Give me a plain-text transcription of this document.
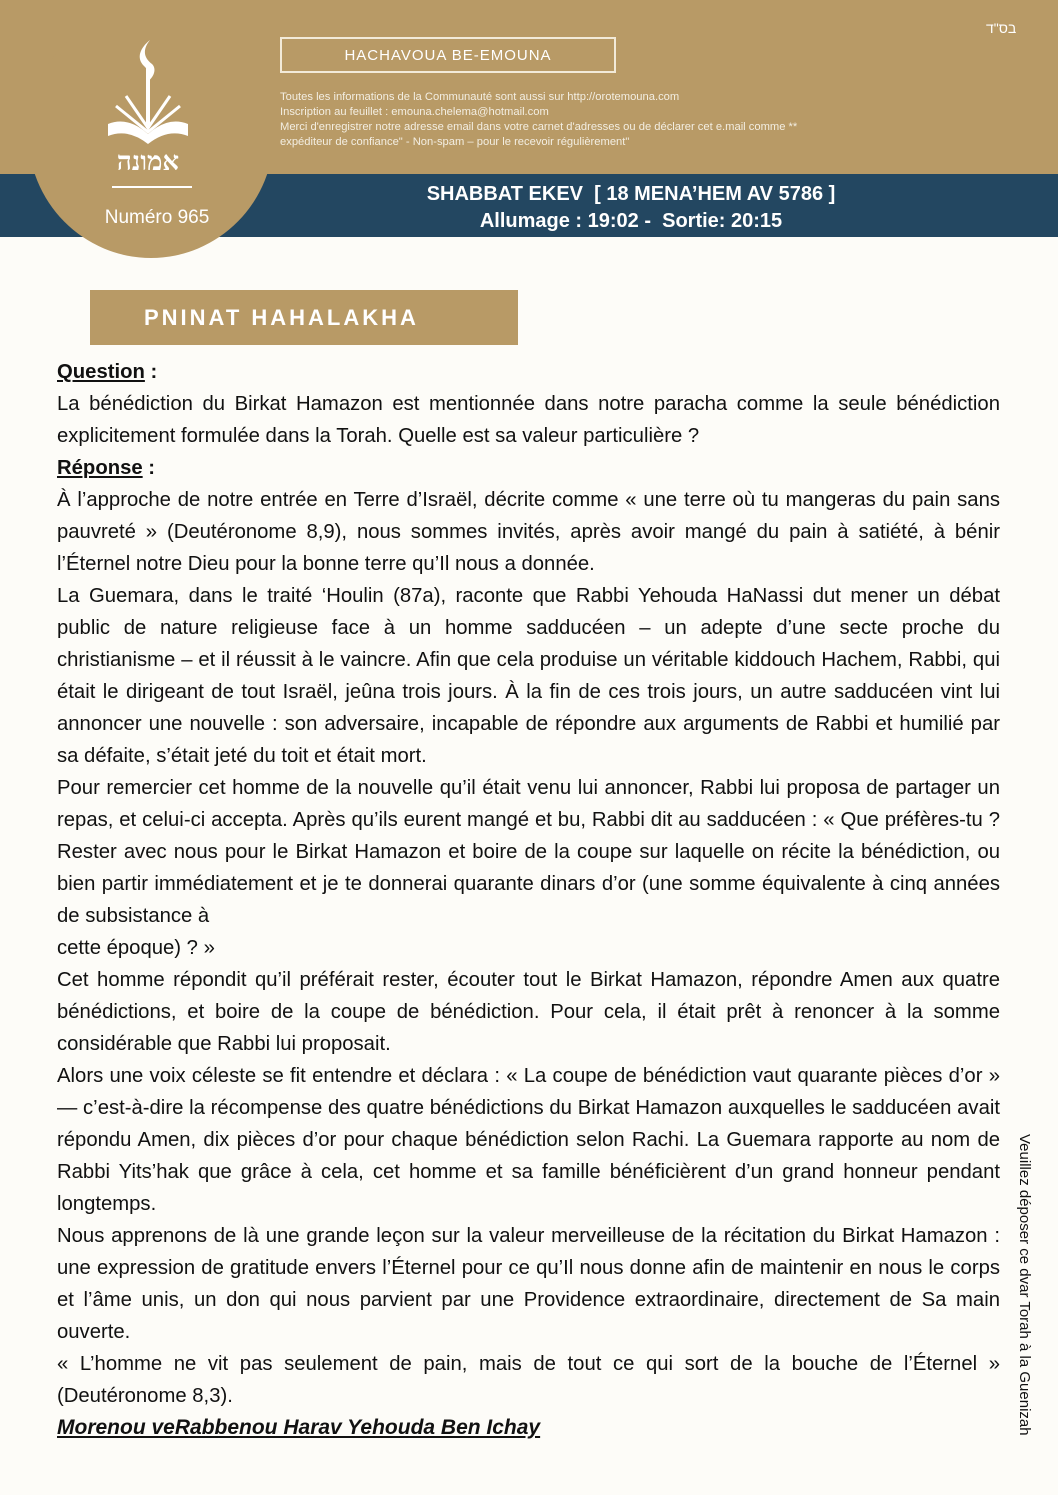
אמונה
Numéro 965
HACHAVOUA BE-EMOUNA
Toutes les informations de la Communauté sont aussi sur http://orotemouna.com
Inscription au feuillet : emouna.chelema@hotmail.com
Merci d'enregistrer notre adresse email dans votre carnet d'adresses ou de déclarer cet e.mail comme **
expéditeur de confiance" - Non-spam – pour le recevoir régulièrement"
בס"ד
SHABBAT EKEV  [ 18 MENA’HEM AV 5786 ]
Allumage : 19:02 -  Sortie: 20:15
PNINAT HAHALAKHA

Question :

La bénédiction du Birkat Hamazon est mentionnée dans notre paracha comme la seule bénédiction explicitement formulée dans la Torah. Quelle est sa valeur particulière ?

Réponse :

À l’approche de notre entrée en Terre d’Israël, décrite comme « une terre où tu mangeras du pain sans pauvreté » (Deutéronome 8,9), nous sommes invités, après avoir mangé du pain à satiété, à bénir l’Éternel notre Dieu pour la bonne terre qu’Il nous a donnée.

La Guemara, dans le traité ‘Houlin (87a), raconte que Rabbi Yehouda HaNassi dut mener un débat public de nature religieuse face à un homme sadducéen – un adepte d’une secte proche du christianisme – et il réussit à le vaincre. Afin que cela produise un véritable kiddouch Hachem, Rabbi, qui était le dirigeant de tout Israël, jeûna trois jours. À la fin de ces trois jours, un autre sadducéen vint lui annoncer une nouvelle : son adversaire, incapable de répondre aux arguments de Rabbi et humilié par sa défaite, s’était jeté du toit et était mort.

Pour remercier cet homme de la nouvelle qu’il était venu lui annoncer, Rabbi lui proposa de partager un repas, et celui-ci accepta. Après qu’ils eurent mangé et bu, Rabbi dit au sadducéen : « Que préfères-tu ? Rester avec nous pour le Birkat Hamazon et boire de la coupe sur laquelle on récite la bénédiction, ou bien partir immédiatement et je te donnerai quarante dinars d’or (une somme équivalente à cinq années de subsistance à

cette époque) ? »

Cet homme répondit qu’il préférait rester, écouter tout le Birkat Hamazon, répondre Amen aux quatre bénédictions, et boire de la coupe de bénédiction. Pour cela, il était prêt à renoncer à la somme considérable que Rabbi lui proposait.

Alors une voix céleste se fit entendre et déclara : « La coupe de bénédiction vaut quarante pièces d’or » — c’est-à-dire la récompense des quatre bénédictions du Birkat Hamazon auxquelles le sadducéen avait répondu Amen, dix pièces d’or pour chaque bénédiction selon Rachi. La Guemara rapporte au nom de Rabbi Yits’hak que grâce à cela, cet homme et sa famille bénéficièrent d’un grand honneur pendant longtemps.

Nous apprenons de là une grande leçon sur la valeur merveilleuse de la récitation du Birkat Hamazon : une expression de gratitude envers l’Éternel pour ce qu’Il nous donne afin de maintenir en nous le corps et l’âme unis, un don qui nous parvient par une Providence extraordinaire, directement de Sa main ouverte.

« L’homme ne vit pas seulement de pain, mais de tout ce qui sort de la bouche de l’Éternel » (Deutéronome 8,3).

Morenou veRabbenou Harav Yehouda Ben Ichay	Veuillez déposer ce dvar Torah à la Guenizah
